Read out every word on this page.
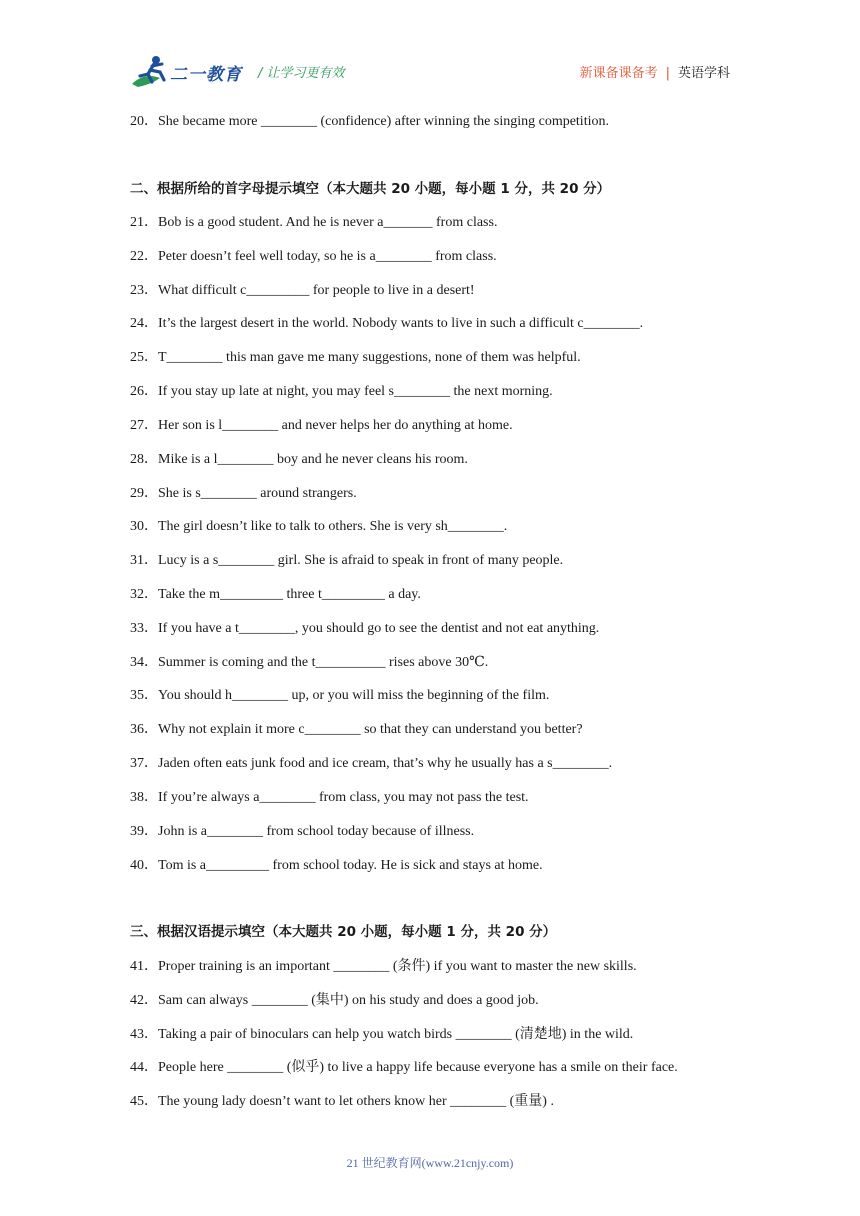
二一教育 / 让学习更有效	新课备课备考 | 英语学科
20．She became more ________ (confidence) after winning the singing competition.
二、根据所给的首字母提示填空（本大题共 20 小题，每小题 1 分，共 20 分）
21．Bob is a good student. And he is never a_______ from class.
22．Peter doesn’t feel well today, so he is a________ from class.
23．What difficult c_________ for people to live in a desert!
24．It’s the largest desert in the world. Nobody wants to live in such a difficult c________.
25．T________ this man gave me many suggestions, none of them was helpful.
26．If you stay up late at night, you may feel s________ the next morning.
27．Her son is l________ and never helps her do anything at home.
28．Mike is a l________ boy and he never cleans his room.
29．She is s________ around strangers.
30．The girl doesn’t like to talk to others. She is very sh________.
31．Lucy is a s________ girl. She is afraid to speak in front of many people.
32．Take the m_________ three t_________ a day.
33．If you have a t________, you should go to see the dentist and not eat anything.
34．Summer is coming and the t__________ rises above 30℃.
35．You should h________ up, or you will miss the beginning of the film.
36．Why not explain it more c________ so that they can understand you better?
37．Jaden often eats junk food and ice cream, that’s why he usually has a s________.
38．If you’re always a________ from class, you may not pass the test.
39．John is a________ from school today because of illness.
40．Tom is a_________ from school today. He is sick and stays at home.
三、根据汉语提示填空（本大题共 20 小题，每小题 1 分，共 20 分）
41．Proper training is an important ________ (条件) if you want to master the new skills.
42．Sam can always ________ (集中) on his study and does a good job.
43．Taking a pair of binoculars can help you watch birds ________ (清楚地) in the wild.
44．People here ________ (似乎) to live a happy life because everyone has a smile on their face.
45．The young lady doesn’t want to let others know her ________ (重量) .
21 世纪教育网(www.21cnjy.com)
